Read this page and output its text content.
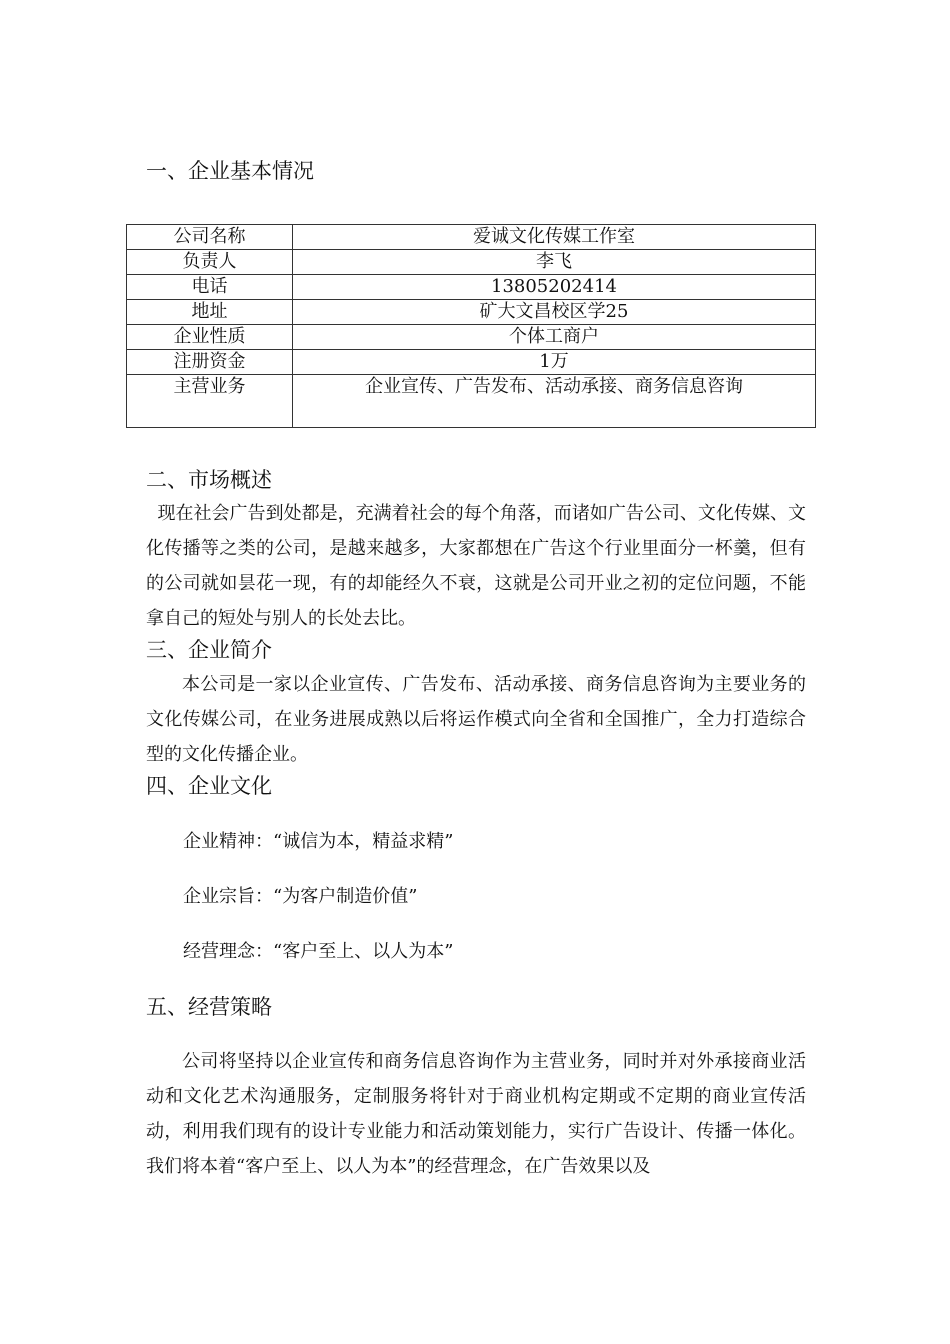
一、企业基本情况
公司名称	爱诚文化传媒工作室
负责人	李飞
电话	13805202414
地址	矿大文昌校区学25
企业性质	个体工商户
注册资金	1万
主营业务	企业宣传、广告发布、活动承接、商务信息咨询
二、市场概述
现在社会广告到处都是，充满着社会的每个角落，而诸如广告公司、文化传媒、文化传播等之类的公司，是越来越多，大家都想在广告这个行业里面分一杯羹，但有的公司就如昙花一现，有的却能经久不衰，这就是公司开业之初的定位问题，不能拿自己的短处与别人的长处去比。
三、企业简介
本公司是一家以企业宣传、广告发布、活动承接、商务信息咨询为主要业务的文化传媒公司，在业务进展成熟以后将运作模式向全省和全国推广，全力打造综合型的文化传播企业。
四、企业文化
企业精神：“诚信为本，精益求精”
企业宗旨：“为客户制造价值”
经营理念：“客户至上、以人为本”
五、经营策略
公司将坚持以企业宣传和商务信息咨询作为主营业务，同时并对外承接商业活动和文化艺术沟通服务，定制服务将针对于商业机构定期或不定期的商业宣传活动，利用我们现有的设计专业能力和活动策划能力，实行广告设计、传播一体化。我们将本着“客户至上、以人为本”的经营理念，在广告效果以及
